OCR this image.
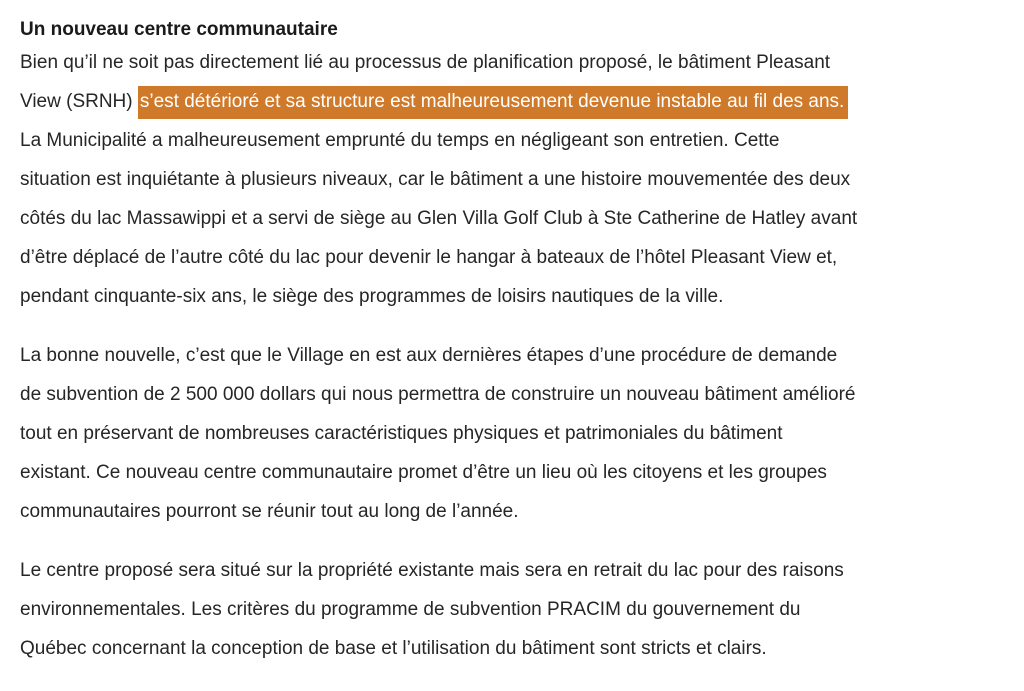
Un nouveau centre communautaire

Bien qu’il ne soit pas directement lié au processus de planification proposé, le bâtiment Pleasant
View (SRNH) s’est détérioré et sa structure est malheureusement devenue instable au fil des ans.
La Municipalité a malheureusement emprunté du temps en négligeant son entretien. Cette
situation est inquiétante à plusieurs niveaux, car le bâtiment a une histoire mouvementée des deux
côtés du lac Massawippi et a servi de siège au Glen Villa Golf Club à Ste Catherine de Hatley avant
d’être déplacé de l’autre côté du lac pour devenir le hangar à bateaux de l’hôtel Pleasant View et,
pendant cinquante-six ans, le siège des programmes de loisirs nautiques de la ville.

La bonne nouvelle, c’est que le Village en est aux dernières étapes d’une procédure de demande
de subvention de 2 500 000 dollars qui nous permettra de construire un nouveau bâtiment amélioré
tout en préservant de nombreuses caractéristiques physiques et patrimoniales du bâtiment
existant. Ce nouveau centre communautaire promet d’être un lieu où les citoyens et les groupes
communautaires pourront se réunir tout au long de l’année.

Le centre proposé sera situé sur la propriété existante mais sera en retrait du lac pour des raisons
environnementales. Les critères du programme de subvention PRACIM du gouvernement du
Québec concernant la conception de base et l’utilisation du bâtiment sont stricts et clairs.
